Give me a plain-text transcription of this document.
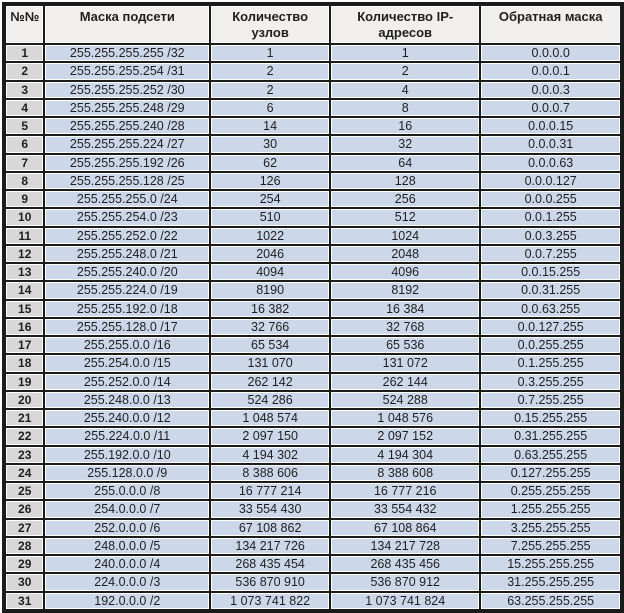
№№	Маска подсети	Количество узлов	Количество IP-адресов	Обратная маска
1	255.255.255.255 /32	1	1	0.0.0.0
2	255.255.255.254 /31	2	2	0.0.0.1
3	255.255.255.252 /30	2	4	0.0.0.3
4	255.255.255.248 /29	6	8	0.0.0.7
5	255.255.255.240 /28	14	16	0.0.0.15
6	255.255.255.224 /27	30	32	0.0.0.31
7	255.255.255.192 /26	62	64	0.0.0.63
8	255.255.255.128 /25	126	128	0.0.0.127
9	255.255.255.0 /24	254	256	0.0.0.255
10	255.255.254.0 /23	510	512	0.0.1.255
11	255.255.252.0 /22	1022	1024	0.0.3.255
12	255.255.248.0 /21	2046	2048	0.0.7.255
13	255.255.240.0 /20	4094	4096	0.0.15.255
14	255.255.224.0 /19	8190	8192	0.0.31.255
15	255.255.192.0 /18	16 382	16 384	0.0.63.255
16	255.255.128.0 /17	32 766	32 768	0.0.127.255
17	255.255.0.0 /16	65 534	65 536	0.0.255.255
18	255.254.0.0 /15	131 070	131 072	0.1.255.255
19	255.252.0.0 /14	262 142	262 144	0.3.255.255
20	255.248.0.0 /13	524 286	524 288	0.7.255.255
21	255.240.0.0 /12	1 048 574	1 048 576	0.15.255.255
22	255.224.0.0 /11	2 097 150	2 097 152	0.31.255.255
23	255.192.0.0 /10	4 194 302	4 194 304	0.63.255.255
24	255.128.0.0 /9	8 388 606	8 388 608	0.127.255.255
25	255.0.0.0 /8	16 777 214	16 777 216	0.255.255.255
26	254.0.0.0 /7	33 554 430	33 554 432	1.255.255.255
27	252.0.0.0 /6	67 108 862	67 108 864	3.255.255.255
28	248.0.0.0 /5	134 217 726	134 217 728	7.255.255.255
29	240.0.0.0 /4	268 435 454	268 435 456	15.255.255.255
30	224.0.0.0 /3	536 870 910	536 870 912	31.255.255.255
31	192.0.0.0 /2	1 073 741 822	1 073 741 824	63.255.255.255
